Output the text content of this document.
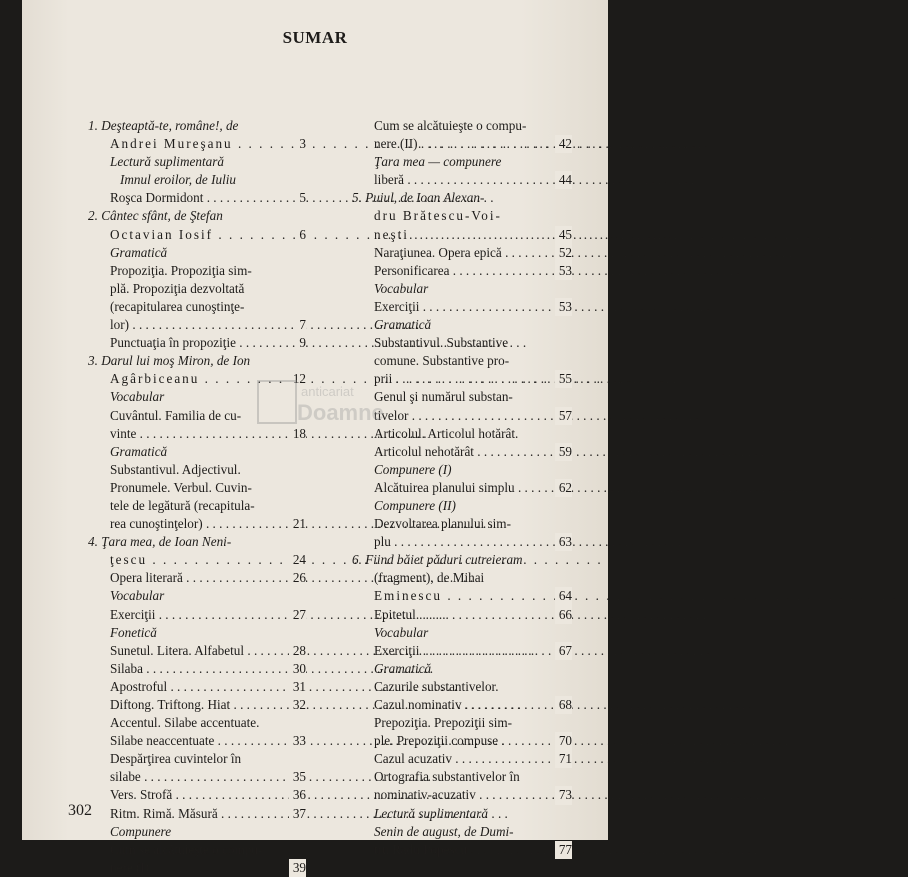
SUMAR
1. Deşteaptă-te, române!, de
Andrei Mureşanu . . .	3
Lectură suplimentară
Imnul eroilor, de Iuliu
Roşca Dormidont . . .	5
2. Cântec sfânt, de Ştefan
Octavian Iosif . . .	6
Gramatică
Propoziţia. Propoziţia sim-
plă. Propoziţia dezvoltată
(recapitularea cunoştinţe-
lor) . . .	7
Punctuaţia în propoziţie . . .	9
3. Darul lui moş Miron, de Ion
Agârbiceanu . . .	12
Vocabular
Cuvântul. Familia de cu-
vinte . . .	18
Gramatică
Substantivul. Adjectivul.
Pronumele. Verbul. Cuvin-
tele de legătură (recapitula-
rea cunoştinţelor) . . .	21
4. Ţara mea, de Ioan Neni-
ţescu . . .	24
Opera literară . . .	26
Vocabular
Exerciţii . . .	27
Fonetică
Sunetul. Litera. Alfabetul . . .	28
Silaba . . .	30
Apostroful . . .	31
Diftong. Triftong. Hiat . . .	32
Accentul. Silabe accentuate.
Silabe neaccentuate . . .	33
Despărţirea cuvintelor în
silabe . . .	35
Vers. Strofă . . .	36
Ritm. Rimă. Măsură . . .	37
Compunere
Cum se alcătuieşte o compu-
nere (I) . . .	39
Cum se alcătuieşte o compu-
nere (II) . . .	42
Ţara mea — compunere
liberă . . .	44
5. Puiul, de Ioan Alexan-
dru Brătescu-Voi-
neşti . . .	45
Naraţiunea. Opera epică . . .	52
Personificarea . . .	53
Vocabular
Exerciţii . . .	53
Gramatică
Substantivul. Substantive
comune. Substantive pro-
prii . . .	55
Genul şi numărul substan-
tivelor . . .	57
Articolul. Articolul hotărât.
Articolul nehotărât . . .	59
Compunere (I)
Alcătuirea planului simplu . . .	62
Compunere (II)
Dezvoltarea planului sim-
plu . . .	63
6. Fiind băiet păduri cutreieram
(fragment), de Mihai
Eminescu . . .	64
Epitetul . . .	66
Vocabular
Exerciţii . . .	67
Gramatică
Cazurile substantivelor.
Cazul nominativ . . .	68
Prepoziţia. Prepoziţii sim-
ple. Prepoziţii compuse . . .	70
Cazul acuzativ . . .	71
Ortografia substantivelor în
nominativ-acuzativ . . .	73
Lectură suplimentară
Senin de august, de Dumi-
tru Radu Popescu . . .	77
anticariat
Doamne
302
